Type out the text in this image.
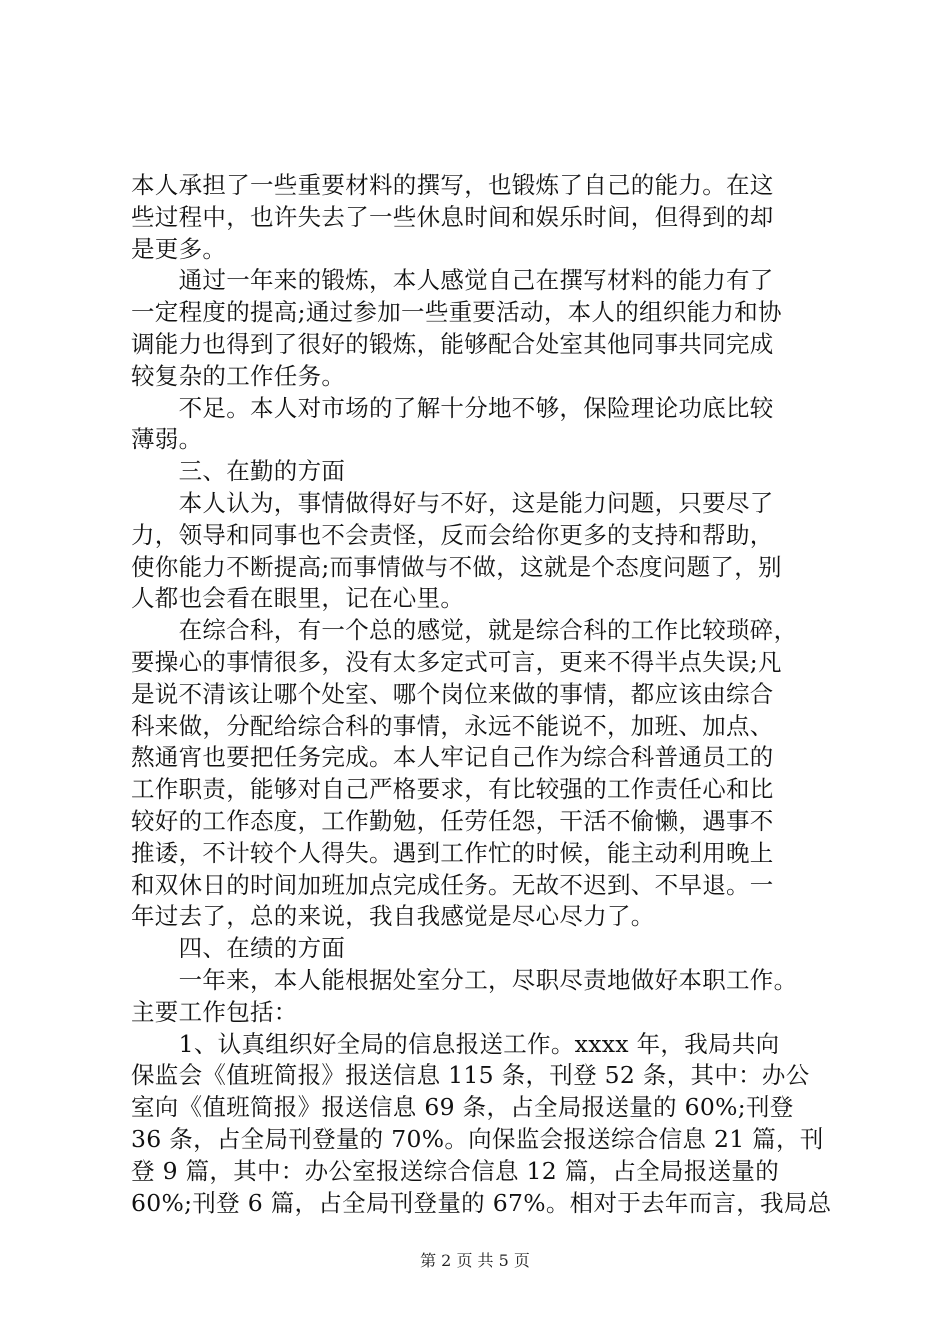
本人承担了一些重要材料的撰写，也锻炼了自己的能力。在这
些过程中，也许失去了一些休息时间和娱乐时间，但得到的却
是更多。
　　通过一年来的锻炼，本人感觉自己在撰写材料的能力有了
一定程度的提高;通过参加一些重要活动，本人的组织能力和协
调能力也得到了很好的锻炼，能够配合处室其他同事共同完成
较复杂的工作任务。
　　不足。本人对市场的了解十分地不够，保险理论功底比较
薄弱。
　　三、在勤的方面
　　本人认为，事情做得好与不好，这是能力问题，只要尽了
力，领导和同事也不会责怪，反而会给你更多的支持和帮助，
使你能力不断提高;而事情做与不做，这就是个态度问题了，别
人都也会看在眼里，记在心里。
　　在综合科，有一个总的感觉，就是综合科的工作比较琐碎，
要操心的事情很多，没有太多定式可言，更来不得半点失误;凡
是说不清该让哪个处室、哪个岗位来做的事情，都应该由综合
科来做，分配给综合科的事情，永远不能说不，加班、加点、
熬通宵也要把任务完成。本人牢记自己作为综合科普通员工的
工作职责，能够对自己严格要求，有比较强的工作责任心和比
较好的工作态度，工作勤勉，任劳任怨，干活不偷懒，遇事不
推诿，不计较个人得失。遇到工作忙的时候，能主动利用晚上
和双休日的时间加班加点完成任务。无故不迟到、不早退。一
年过去了，总的来说，我自我感觉是尽心尽力了。
　　四、在绩的方面
　　一年来，本人能根据处室分工，尽职尽责地做好本职工作。
主要工作包括：
　　1、认真组织好全局的信息报送工作。xxxx 年，我局共向
保监会《值班简报》报送信息 115 条，刊登 52 条，其中：办公
室向《值班简报》报送信息 69 条，占全局报送量的 60%;刊登
36 条，占全局刊登量的 70%。向保监会报送综合信息 21 篇，刊
登 9 篇，其中：办公室报送综合信息 12 篇，占全局报送量的
60%;刊登 6 篇，占全局刊登量的 67%。相对于去年而言，我局总
第 2 页 共 5 页
